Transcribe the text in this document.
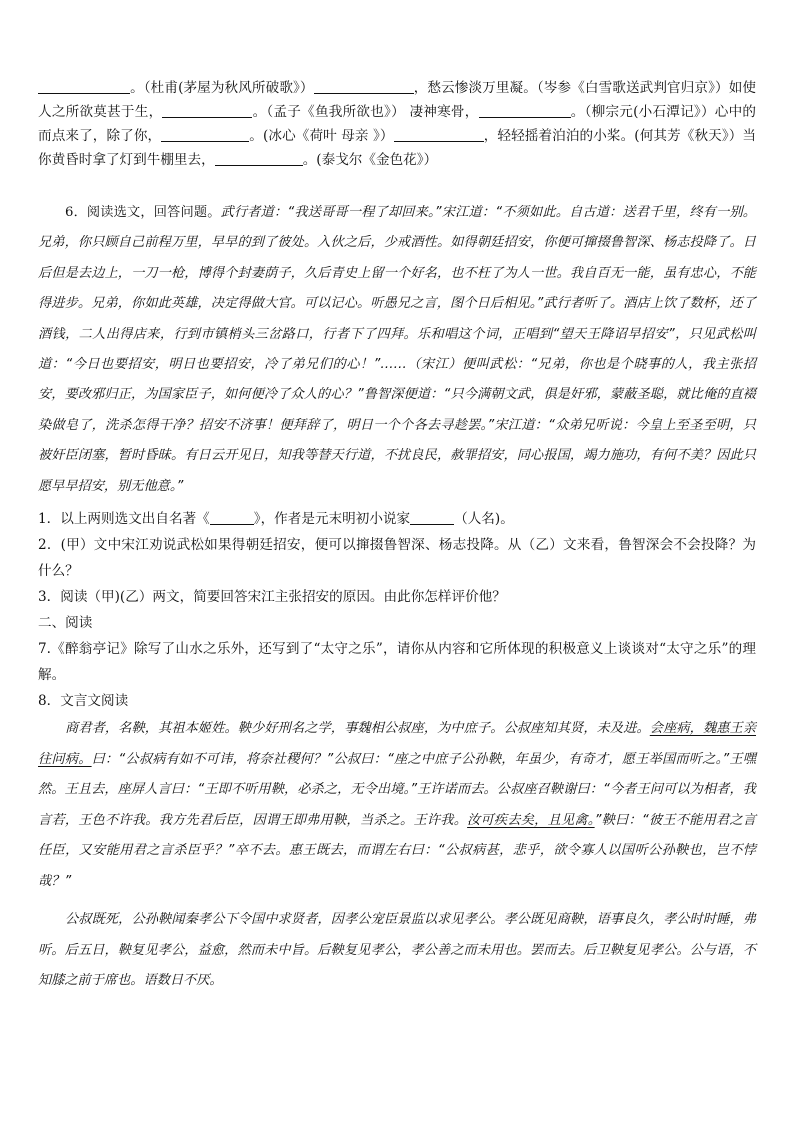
。（杜甫(茅屋为秋风所破歌》）	，愁云惨淡万里凝。（岑参《白雪歌送武判官归京》）如使人之所欲莫甚于生，	。（孟子《鱼我所欲也》） 凄神寒骨，	。（柳宗元(小石潭记》）心中的而点来了，除了你，	。(冰心《荷叶 母亲 》）	，轻轻摇着泊泊的小桨。(何其芳《秋天》）当你黄昏时拿了灯到牛棚里去，	。(泰戈尔《金色花》）

6．阅读选文，回答问题。武行者道：“我送哥哥一程了却回来。”宋江道：“不须如此。自古道：送君千里，终有一别。兄弟，你只顾自己前程万里，早早的到了彼处。入伙之后，少戒酒性。如得朝廷招安，你便可撺掇鲁智深、杨志投降了。日后但是去边上，一刀一枪，博得个封妻荫子，久后青史上留一个好名，也不枉了为人一世。我自百无一能，虽有忠心，不能得进步。兄弟，你如此英雄，决定得做大官。可以记心。听愚兄之言，图个日后相见。”武行者听了。酒店上饮了数杯，还了酒钱，二人出得店来，行到市镇梢头三岔路口，行者下了四拜。乐和唱这个词，正唱到“望天王降诏早招安”，只见武松叫道：“今日也要招安，明日也要招安，冷了弟兄们的心！”……（宋江）便叫武松：“兄弟，你也是个晓事的人，我主张招安，要改邪归正，为国家臣子，如何便冷了众人的心？”鲁智深便道：“只今满朝文武，俱是奸邪，蒙蔽圣聪，就比俺的直裰染做皂了，洗杀怎得干净？招安不济事！便拜辞了，明日一个个各去寻趁罢。”宋江道：“众弟兄听说：今皇上至圣至明，只被奸臣闭塞，暂时昏昧。有日云开见日，知我等替天行道，不扰良民，赦罪招安，同心报国，竭力施功，有何不美？因此只愿早早招安，别无他意。”

1．以上两则选文出自名著《	》，作者是元末明初小说家	（人名)。

2．(甲）文中宋江劝说武松如果得朝廷招安，便可以撺掇鲁智深、杨志投降。从（乙）文来看，鲁智深会不会投降？为什么？

3．阅读（甲)(乙）两文，简要回答宋江主张招安的原因。由此你怎样评价他？

二、阅读

7.《醉翁亭记》除写了山水之乐外，还写到了“太守之乐”，请你从内容和它所体现的积极意义上谈谈对“太守之乐”的理解。

8．文言文阅读

商君者，名鞅，其祖本姬姓。鞅少好刑名之学，事魏相公叔座，为中庶子。公叔座知其贤，未及进。会座病，魏惠王亲往问病。曰：“公叔病有如不可讳，将奈社稷何？”公叔曰：“座之中庶子公孙鞅，年虽少，有奇才，愿王举国而听之。”王嘿然。王且去，座屏人言曰：“王即不听用鞅，必杀之，无令出境。”王许诺而去。公叔座召鞅谢曰：“今者王问可以为相者，我言若，王色不许我。我方先君后臣，因谓王即弗用鞅，当杀之。王许我。汝可疾去矣，且见禽。”鞅曰：“彼王不能用君之言任臣，又安能用君之言杀臣乎？”卒不去。惠王既去，而谓左右曰：“公叔病甚，悲乎，欲令寡人以国听公孙鞅也，岂不悖哉？”

公叔既死，公孙鞅闻秦孝公下令国中求贤者，因孝公宠臣景监以求见孝公。孝公既见商鞅，语事良久，孝公时时睡，弗听。后五日，鞅复见孝公，益愈，然而未中旨。后鞅复见孝公，孝公善之而未用也。罢而去。后卫鞅复见孝公。公与语，不知膝之前于席也。语数日不厌。
